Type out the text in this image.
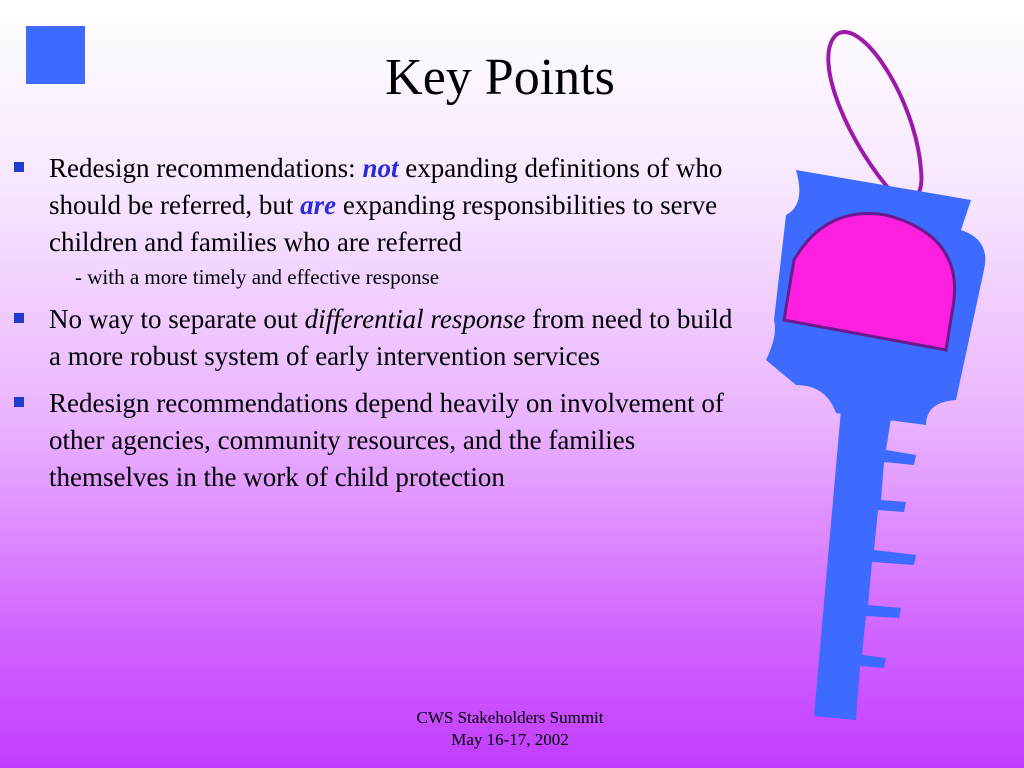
Key Points
Redesign recommendations: not expanding definitions of who should be referred, but are expanding responsibilities to serve children and families who are referred
- with a more timely and effective response
No way to separate out differential response from need to build a more robust system of early intervention services
Redesign recommendations depend heavily on involvement of other agencies, community resources, and the families themselves in the work of child protection
CWS Stakeholders Summit
May 16-17, 2002
